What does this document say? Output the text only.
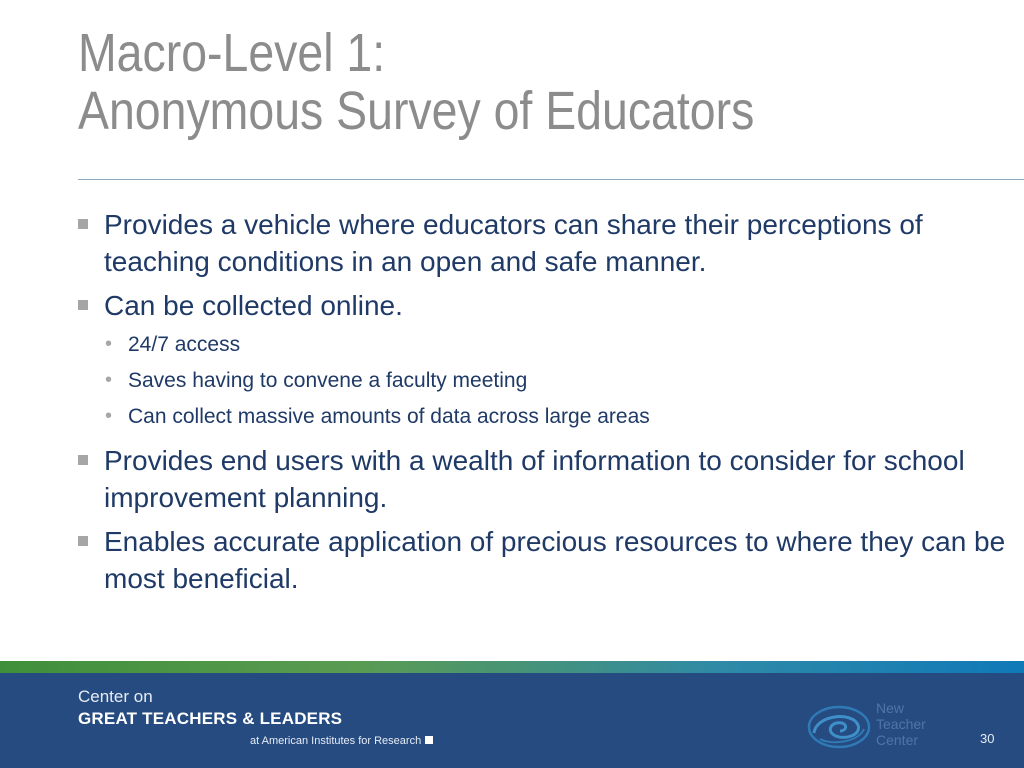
Macro-Level 1:
Anonymous Survey of Educators
Provides a vehicle where educators can share their perceptions of teaching conditions in an open and safe manner.
Can be collected online.
• 24/7 access
• Saves having to convene a faculty meeting
• Can collect massive amounts of data across large areas
Provides end users with a wealth of information to consider for school improvement planning.
Enables accurate application of precious resources to where they can be most beneficial.
Center on
GREAT TEACHERS & LEADERS
at American Institutes for Research
New
Teacher
Center	30
